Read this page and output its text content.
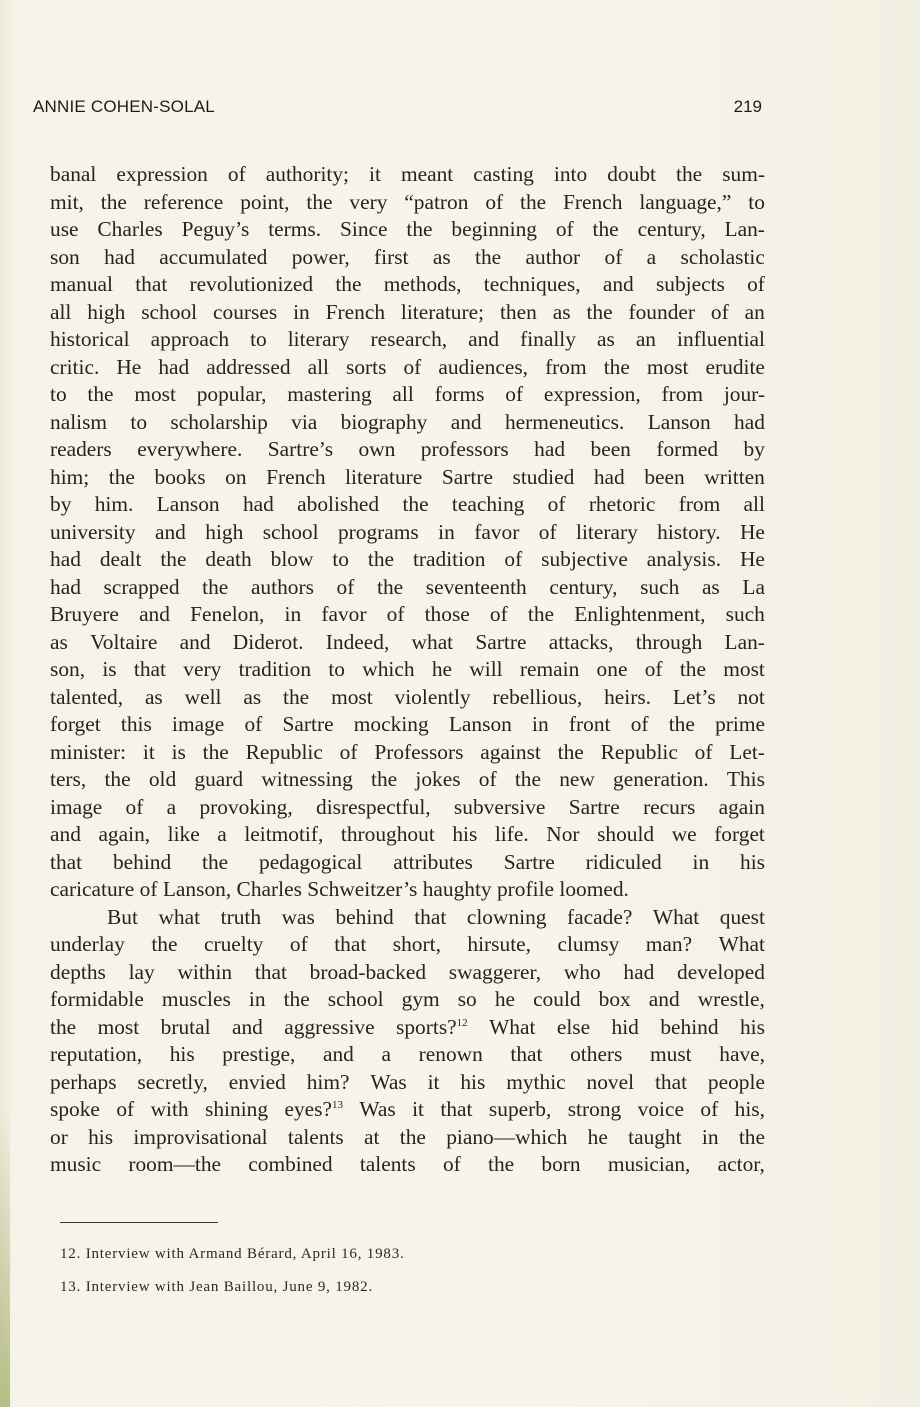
ANNIE COHEN-SOLAL	219
banal expression of authority; it meant casting into doubt the sum-
mit, the reference point, the very “patron of the French language,” to
use Charles Peguy’s terms. Since the beginning of the century, Lan-
son had accumulated power, first as the author of a scholastic
manual that revolutionized the methods, techniques, and subjects of
all high school courses in French literature; then as the founder of an
historical approach to literary research, and finally as an influential
critic. He had addressed all sorts of audiences, from the most erudite
to the most popular, mastering all forms of expression, from jour-
nalism to scholarship via biography and hermeneutics. Lanson had
readers everywhere. Sartre’s own professors had been formed by
him; the books on French literature Sartre studied had been written
by him. Lanson had abolished the teaching of rhetoric from all
university and high school programs in favor of literary history. He
had dealt the death blow to the tradition of subjective analysis. He
had scrapped the authors of the seventeenth century, such as La
Bruyere and Fenelon, in favor of those of the Enlightenment, such
as Voltaire and Diderot. Indeed, what Sartre attacks, through Lan-
son, is that very tradition to which he will remain one of the most
talented, as well as the most violently rebellious, heirs. Let’s not
forget this image of Sartre mocking Lanson in front of the prime
minister: it is the Republic of Professors against the Republic of Let-
ters, the old guard witnessing the jokes of the new generation. This
image of a provoking, disrespectful, subversive Sartre recurs again
and again, like a leitmotif, throughout his life. Nor should we forget
that behind the pedagogical attributes Sartre ridiculed in his
caricature of Lanson, Charles Schweitzer’s haughty profile loomed.
But what truth was behind that clowning facade? What quest
underlay the cruelty of that short, hirsute, clumsy man? What
depths lay within that broad-backed swaggerer, who had developed
formidable muscles in the school gym so he could box and wrestle,
the most brutal and aggressive sports?$^{12}$ What else hid behind his
reputation, his prestige, and a renown that others must have,
perhaps secretly, envied him? Was it his mythic novel that people
spoke of with shining eyes?$^{13}$ Was it that superb, strong voice of his,
or his improvisational talents at the piano—which he taught in the
music room—the combined talents of the born musician, actor,
12. Interview with Armand Bérard, April 16, 1983.
13. Interview with Jean Baillou, June 9, 1982.
